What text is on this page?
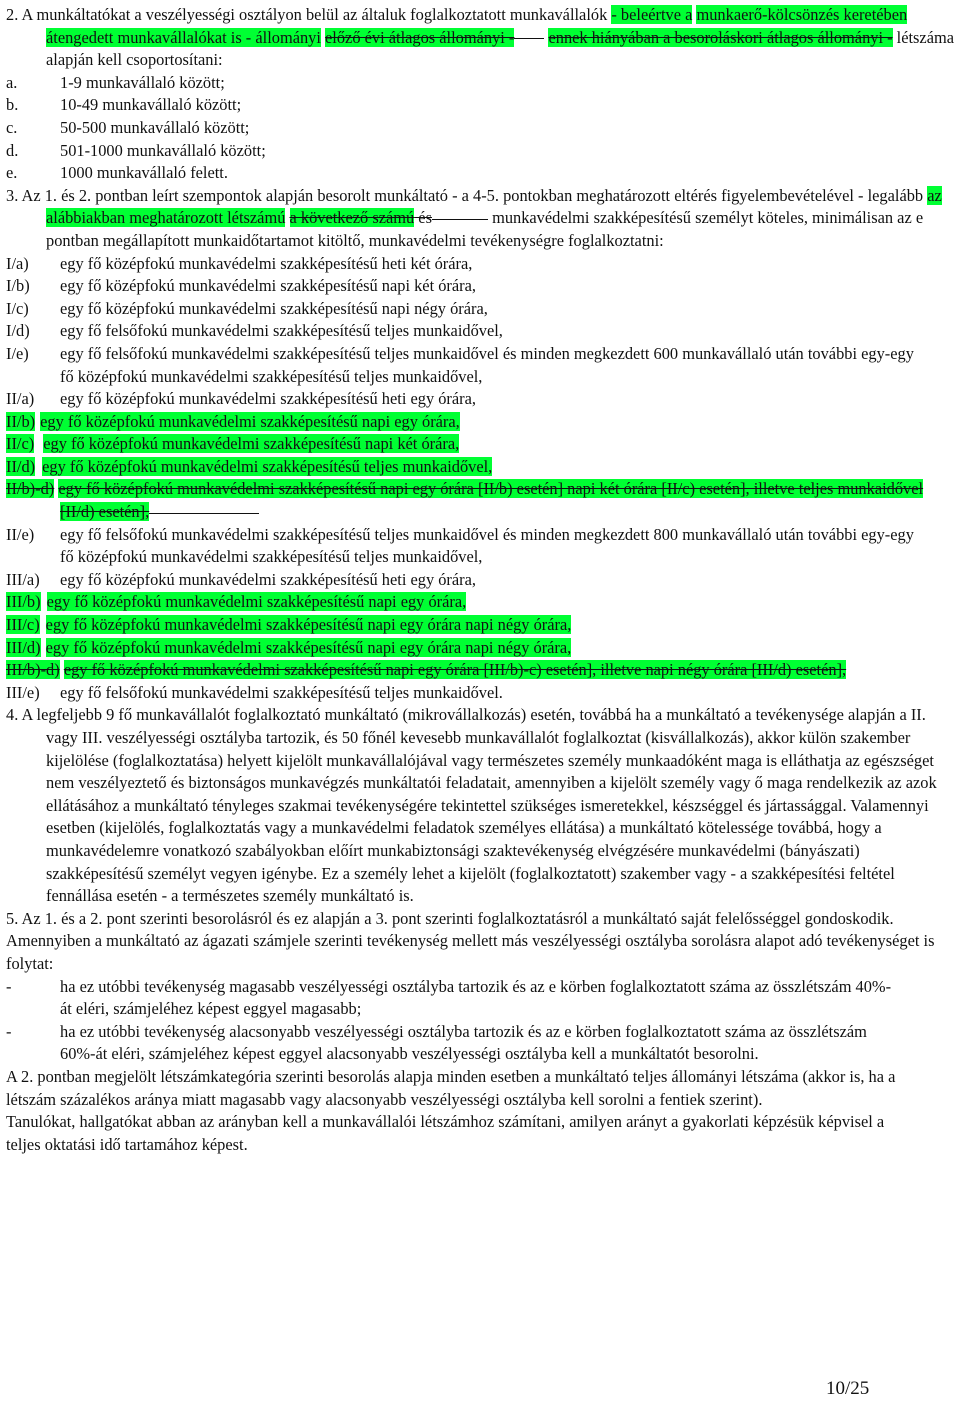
2. A munkáltatókat a veszélyességi osztályon belül az általuk foglalkoztatott munkavállalók - beleértve a munkaerő-kölcsönzés keretében átengedett munkavállalókat is - állományi előző évi átlagos állományi - ennek hiányában a besoroláskori átlagos állományi - létszáma alapján kell csoportosítani:

a.	1-9 munkavállaló között;
b.	10-49 munkavállaló között;
c.	50-500 munkavállaló között;
d.	501-1000 munkavállaló között;
e.	1000 munkavállaló felett.

3. Az 1. és 2. pontban leírt szempontok alapján besorolt munkáltató - a 4-5. pontokban meghatározott eltérés figyelembevételével - legalább az alábbiakban meghatározott létszámú a következő számú és	munkavédelmi szakképesítésű személyt köteles, minimálisan az e pontban megállapított munkaidőtartamot kitöltő, munkavédelmi tevékenységre foglalkoztatni:

I/a)	egy fő középfokú munkavédelmi szakképesítésű heti két órára,
I/b)	egy fő középfokú munkavédelmi szakképesítésű napi két órára,
I/c)	egy fő középfokú munkavédelmi szakképesítésű napi négy órára,
I/d)	egy fő felsőfokú munkavédelmi szakképesítésű teljes munkaidővel,
I/e)	egy fő felsőfokú munkavédelmi szakképesítésű teljes munkaidővel és minden megkezdett 600 munkavállaló után további egy-egy fő középfokú munkavédelmi szakképesítésű teljes munkaidővel,
II/a)	egy fő középfokú munkavédelmi szakképesítésű heti egy órára,
II/b) egy fő középfokú munkavédelmi szakképesítésű napi egy órára,
II/c) egy fő középfokú munkavédelmi szakképesítésű napi két órára,
II/d) egy fő középfokú munkavédelmi szakképesítésű teljes munkaidővel,
II/b)-d) egy fő középfokú munkavédelmi szakképesítésű napi egy órára [II/b) esetén] napi két órára [II/c) esetén], illetve teljes munkaidővel [II/d) esetén],
II/e)	egy fő felsőfokú munkavédelmi szakképesítésű teljes munkaidővel és minden megkezdett 800 munkavállaló után további egy-egy fő középfokú munkavédelmi szakképesítésű teljes munkaidővel,
III/a)	egy fő középfokú munkavédelmi szakképesítésű heti egy órára,
III/b) egy fő középfokú munkavédelmi szakképesítésű napi egy órára,
III/c) egy fő középfokú munkavédelmi szakképesítésű napi egy órára napi négy órára,
III/d) egy fő középfokú munkavédelmi szakképesítésű napi egy órára napi négy órára,
III/b)-d) egy fő középfokú munkavédelmi szakképesítésű napi egy órára [III/b)-c) esetén], illetve napi négy órára [III/d) esetén],
III/e)	egy fő felsőfokú munkavédelmi szakképesítésű teljes munkaidővel.

4. A legfeljebb 9 fő munkavállalót foglalkoztató munkáltató (mikrovállalkozás) esetén, továbbá ha a munkáltató a tevékenysége alapján a II. vagy III. veszélyességi osztályba tartozik, és 50 főnél kevesebb munkavállalót foglalkoztat (kisvállalkozás), akkor külön szakember kijelölése (foglalkoztatása) helyett kijelölt munkavállalójával vagy természetes személy munkaadóként maga is elláthatja az egészséget nem veszélyeztető és biztonságos munkavégzés munkáltatói feladatait, amennyiben a kijelölt személy vagy ő maga rendelkezik az azok ellátásához a munkáltató tényleges szakmai tevékenységére tekintettel szükséges ismeretekkel, készséggel és jártassággal. Valamennyi esetben (kijelölés, foglalkoztatás vagy a munkavédelmi feladatok személyes ellátása) a munkáltató kötelessége továbbá, hogy a munkavédelemre vonatkozó szabályokban előírt munkabiztonsági szaktevékenység elvégzésére munkavédelmi (bányászati) szakképesítésű személyt vegyen igénybe. Ez a személy lehet a kijelölt (foglalkoztatott) szakember vagy - a szakképesítési feltétel fennállása esetén - a természetes személy munkáltató is.

5. Az 1. és a 2. pont szerinti besorolásról és ez alapján a 3. pont szerinti foglalkoztatásról a munkáltató saját felelősséggel gondoskodik.

Amennyiben a munkáltató az ágazati számjele szerinti tevékenység mellett más veszélyességi osztályba sorolásra alapot adó tevékenységet is folytat:

-	ha ez utóbbi tevékenység magasabb veszélyességi osztályba tartozik és az e körben foglalkoztatott száma az összlétszám 40%-át eléri, számjeléhez képest eggyel magasabb;
-	ha ez utóbbi tevékenység alacsonyabb veszélyességi osztályba tartozik és az e körben foglalkoztatott száma az összlétszám 60%-át eléri, számjeléhez képest eggyel alacsonyabb veszélyességi osztályba kell a munkáltatót besorolni.

A 2. pontban megjelölt létszámkategória szerinti besorolás alapja minden esetben a munkáltató teljes állományi létszáma (akkor is, ha a létszám százalékos aránya miatt magasabb vagy alacsonyabb veszélyességi osztályba kell sorolni a fentiek szerint).

Tanulókat, hallgatókat abban az arányban kell a munkavállalói létszámhoz számítani, amilyen arányt a gyakorlati képzésük képvisel a teljes oktatási idő tartamához képest.

10/25
